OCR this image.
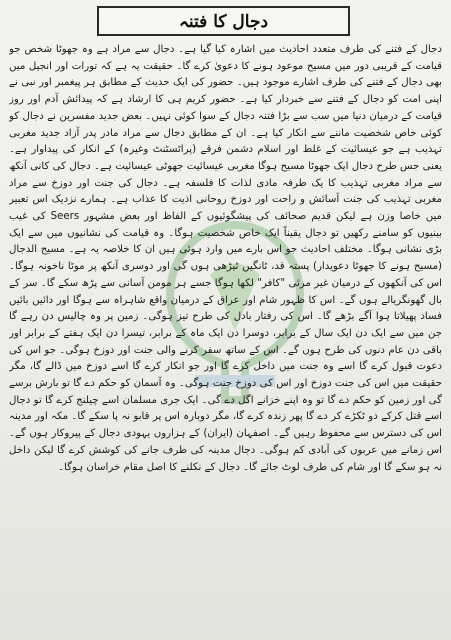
دجال کا فتنہ

دجال کے فتنے کی طرف متعدد احادیث میں اشارہ کیا گیا ہے۔ دجال سے مراد ہے وہ جھوٹا شخص جو قیامت کے قریبی دور میں مسیح موعود ہونے کا دعویٰ کرے گا۔ حقیقت یہ ہے کہ تورات اور انجیل میں بھی دجال کے فتنے کی طرف اشارے موجود ہیں۔ حضور کی ایک حدیث کے مطابق ہر پیغمبر اور نبی نے اپنی امت کو دجال کے فتنے سے خبردار کیا ہے۔ حضور کریم ہی کا ارشاد ہے کہ پیدائش آدم اور روز قیامت کے درمیان دنیا میں سب سے بڑا فتنہ دجال کے سوا کوئی نہیں۔ بعض جدید مفسرین نے دجال کو کوئی خاص شخصیت ماننے سے انکار کیا ہے۔ ان کے مطابق دجال سے مراد مادر پدر آزاد جدید مغربی تہذیب ہے جو عیسائیت کے غلط اور اسلام دشمن فرقے (پراٹسٹنٹ وغیرہ) کے انکار کی پیداوار ہے۔ یعنی جس طرح دجال ایک جھوٹا مسیح ہوگا مغربی عیسائیت جھوٹی عیسائیت ہے۔ دجال کی کانی آنکھ سے مراد مغربی تہذیب کا یک طرفہ مادی لذات کا فلسفہ ہے۔ دجال کی جنت اور دوزخ سے مراد مغربی تہذیب کی جنت آسائش و راحت اور دوزخ روحانی اذیت کا عذاب ہے۔ ہمارے نزدیک اس تعبیر میں خاصا وزن ہے لیکن قدیم صحائف کی پیشگوئیوں کے الفاظ اور بعض مشہور Seers کی غیب بینیوں کو سامنے رکھیں تو دجال یقیناً ایک خاص شخصیت ہوگا۔ وہ قیامت کی نشانیوں میں سے ایک بڑی نشانی ہوگا۔ مختلف احادیث جو اس بارے میں وارد ہوئی ہیں ان کا خلاصہ یہ ہے۔ مسیح الدجال (مسیح ہونے کا جھوٹا دعویدار) پستہ قد، ٹانگیں ٹیڑھی ہوں گی اور دوسری آنکھ پر موٹا ناخونہ ہوگا۔ اس کی آنکھوں کے درمیان غیر مرئی "کافر" لکھا ہوگا جسے ہر مومن آسانی سے پڑھ سکے گا۔ سر کے بال گھونگریالے ہوں گے۔ اس کا ظہور شام اور عراق کے درمیان واقع شاہراہ سے ہوگا اور دائیں بائیں فساد پھیلاتا ہوا آگے بڑھے گا۔ اس کی رفتار بادل کی طرح تیز ہوگی۔ زمین پر وہ چالیس دن رہے گا جن میں سے ایک دن ایک سال کے برابر، دوسرا دن ایک ماہ کے برابر، تیسرا دن ایک ہفتے کے برابر اور باقی دن عام دنوں کی طرح ہوں گے۔ اس کے ساتھ سفر کرنے والی جنت اور دوزخ ہوگی۔ جو اس کی دعوت قبول کرے گا اسے وہ جنت میں داخل کرے گا اور جو انکار کرے گا اسے دوزخ میں ڈالے گا، مگر حقیقت میں اس کی جنت دوزخ اور اس کی دوزخ جنت ہوگی۔ وہ آسمان کو حکم دے گا تو بارش برسے گی اور زمین کو حکم دے گا تو وہ اپنے خزانے اگل دے گی۔ ایک جری مسلمان اسے چیلنج کرے گا تو دجال اسے قتل کرکے دو ٹکڑے کر دے گا پھر زندہ کرے گا، مگر دوبارہ اس پر قابو نہ پا سکے گا۔ مکہ اور مدینہ اس کی دسترس سے محفوظ رہیں گے۔ اصفہان (ایران) کے ہزاروں یہودی دجال کے پیروکار ہوں گے۔ اس زمانے میں عربوں کی آبادی کم ہوگی۔ دجال مدینہ کی طرف جانے کی کوشش کرے گا لیکن داخل نہ ہو سکے گا اور شام کی طرف لوٹ جائے گا۔ دجال کے نکلنے کا اصل مقام خراسان ہوگا۔
